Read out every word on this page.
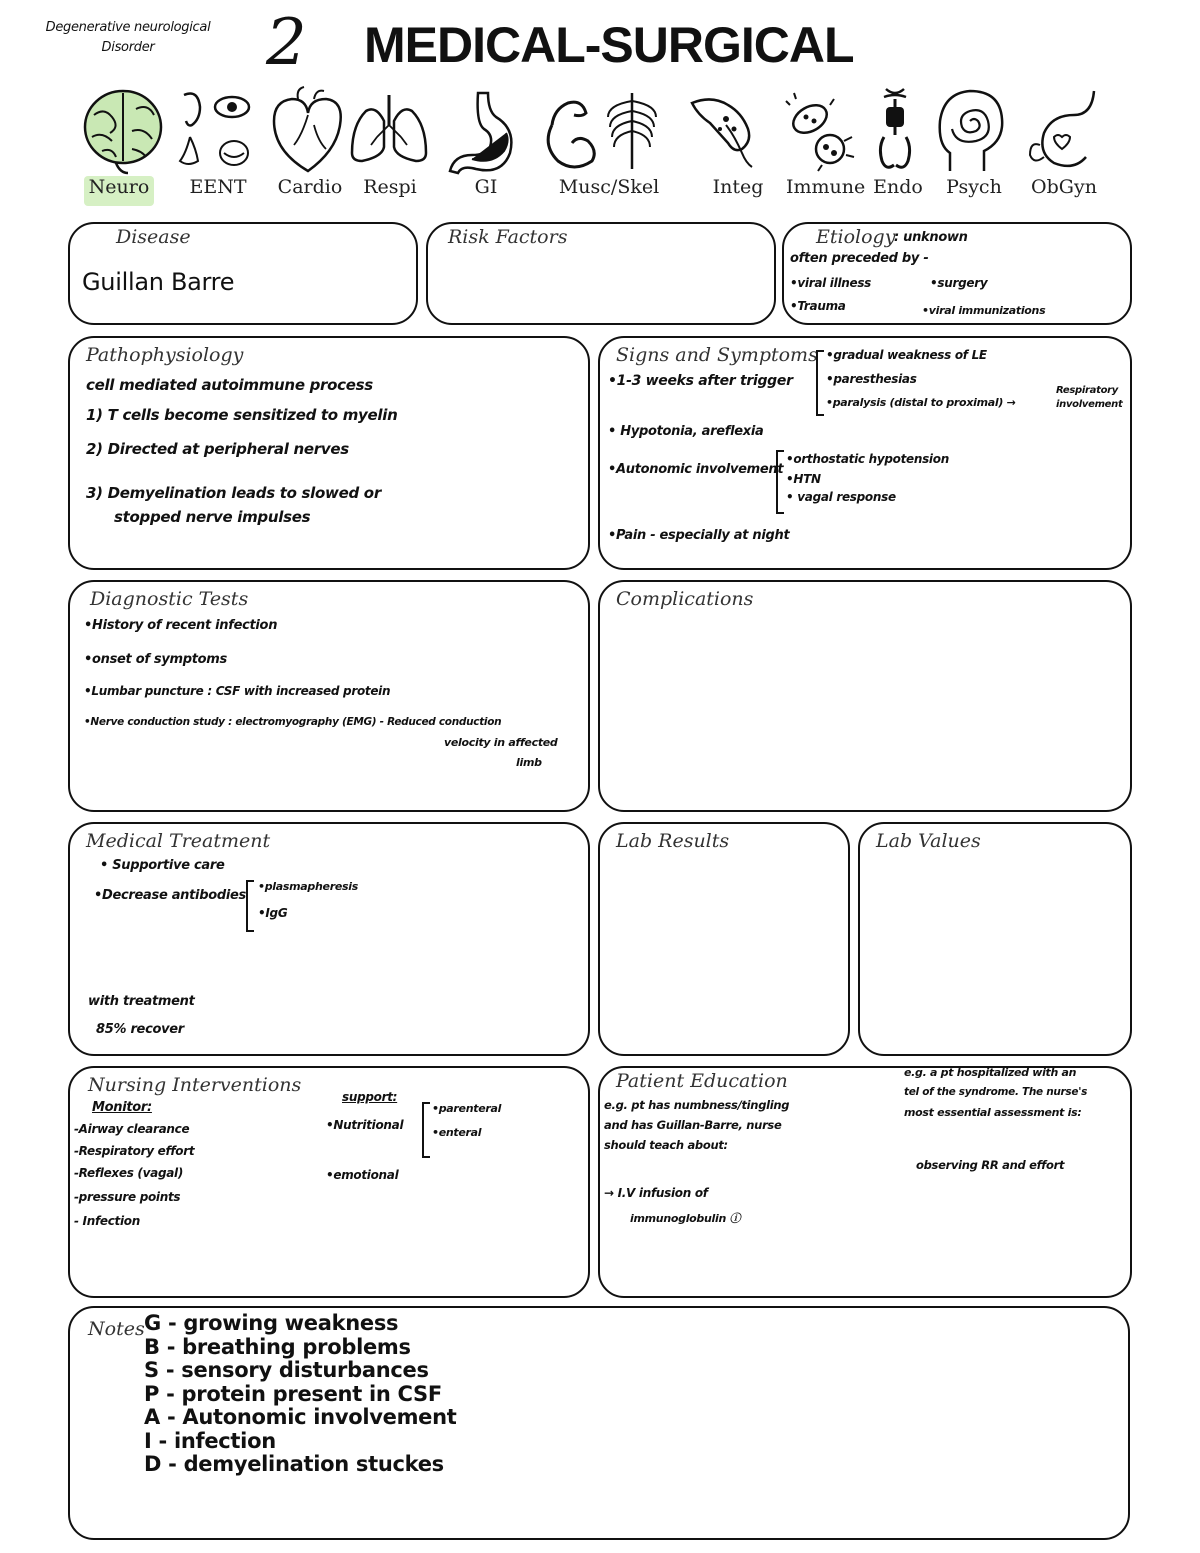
Degenerative neurological
Disorder	2 MEDICAL-SURGICAL
Neuro	EENT	Cardio Respi	GI	Musc/Skel	Integ Immune Endo Psych ObGyn
Disease
Guillan Barre
Risk Factors	Etiology
: unknown
often preceded by -
•viral illness	•surgery
•Trauma	•viral immunizations
Pathophysiology
cell mediated autoimmune process
1) T cells become sensitized to myelin
2) Directed at peripheral nerves
3) Demyelination leads to slowed or
stopped nerve impulses
Signs and Symptoms
•1-3 weeks after trigger
•gradual weakness of LE
•paresthesias
•paralysis (distal to proximal) →
Respiratory involvement
• Hypotonia, areflexia
•Autonomic involvement
•orthostatic hypotension
•HTN
• vagal response
•Pain - especially at night
Diagnostic Tests
•History of recent infection
•onset of symptoms
•Lumbar puncture : CSF with increased protein
•Nerve conduction study : electromyography (EMG) - Reduced conduction
velocity in affected
limb
Complications
Medical Treatment
• Supportive care
•Decrease antibodies
•plasmapheresis
•IgG
with treatment
85% recover
Lab Results	Lab Values
Nursing Interventions
Monitor:
-Airway clearance
-Respiratory effort
-Reflexes (vagal)
-pressure points
- Infection
support:
•Nutritional
•parenteral
•enteral
•emotional
Patient Education
e.g. pt has numbness/tingling
and has Guillan-Barre, nurse
should teach about:
→ I.V infusion of
immunoglobulin ⓘ
e.g. a pt hospitalized with an
tel of the syndrome. The nurse's
most essential assessment is:
observing RR and effort
Notes G - growing weakness
B - breathing problems
S - sensory disturbances
P - protein present in CSF
A - Autonomic involvement
I - infection
D - demyelination stuckes
